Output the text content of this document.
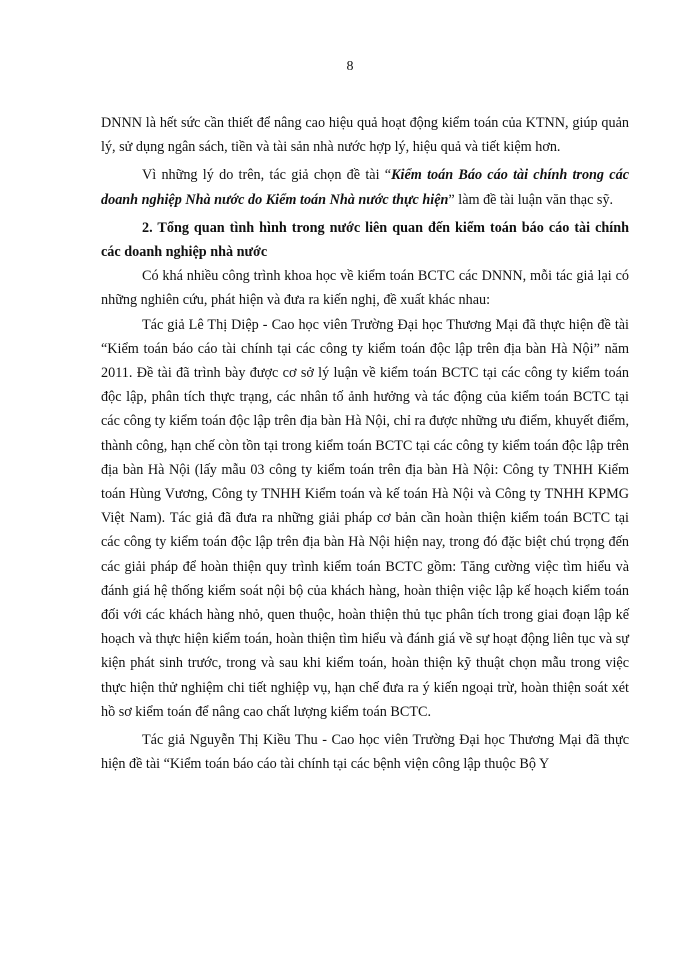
8

DNNN là hết sức cần thiết để nâng cao hiệu quả hoạt động kiểm toán của KTNN, giúp quản lý, sử dụng ngân sách, tiền và tài sản nhà nước hợp lý, hiệu quả và tiết kiệm hơn.

Vì những lý do trên, tác giả chọn đề tài “Kiểm toán Báo cáo tài chính trong các doanh nghiệp Nhà nước do Kiểm toán Nhà nước thực hiện” làm đề tài luận văn thạc sỹ.

2. Tổng quan tình hình trong nước liên quan đến kiểm toán báo cáo tài chính các doanh nghiệp nhà nước

Có khá nhiều công trình khoa học về kiểm toán BCTC các DNNN, mỗi tác giả lại có những nghiên cứu, phát hiện và đưa ra kiến nghị, đề xuất khác nhau:

Tác giả Lê Thị Diệp - Cao học viên Trường Đại học Thương Mại đã thực hiện đề tài “Kiểm toán báo cáo tài chính tại các công ty kiểm toán độc lập trên địa bàn Hà Nội” năm 2011. Đề tài đã trình bày được cơ sở lý luận về kiểm toán BCTC tại các công ty kiểm toán độc lập, phân tích thực trạng, các nhân tố ảnh hưởng và tác động của kiểm toán BCTC tại các công ty kiểm toán độc lập trên địa bàn Hà Nội, chỉ ra được những ưu điểm, khuyết điểm, thành công, hạn chế còn tồn tại trong kiểm toán BCTC tại các công ty kiểm toán độc lập trên địa bàn Hà Nội (lấy mẫu 03 công ty kiểm toán trên địa bàn Hà Nội: Công ty TNHH Kiểm toán Hùng Vương, Công ty TNHH Kiểm toán và kế toán Hà Nội và Công ty TNHH KPMG Việt Nam). Tác giả đã đưa ra những giải pháp cơ bản cần hoàn thiện kiểm toán BCTC tại các công ty kiểm toán độc lập trên địa bàn Hà Nội hiện nay, trong đó đặc biệt chú trọng đến các giải pháp để hoàn thiện quy trình kiểm toán BCTC gồm: Tăng cường việc tìm hiểu và đánh giá hệ thống kiểm soát nội bộ của khách hàng, hoàn thiện việc lập kế hoạch kiểm toán đối với các khách hàng nhỏ, quen thuộc, hoàn thiện thủ tục phân tích trong giai đoạn lập kế hoạch và thực hiện kiểm toán, hoàn thiện tìm hiểu và đánh giá về sự hoạt động liên tục và sự kiện phát sinh trước, trong và sau khi kiểm toán, hoàn thiện kỹ thuật chọn mẫu trong việc thực hiện thử nghiệm chi tiết nghiệp vụ, hạn chế đưa ra ý kiến ngoại trừ, hoàn thiện soát xét hồ sơ kiểm toán để nâng cao chất lượng kiểm toán BCTC.

Tác giả Nguyễn Thị Kiều Thu - Cao học viên Trường Đại học Thương Mại đã thực hiện đề tài “Kiểm toán báo cáo tài chính tại các bệnh viện công lập thuộc Bộ Y
